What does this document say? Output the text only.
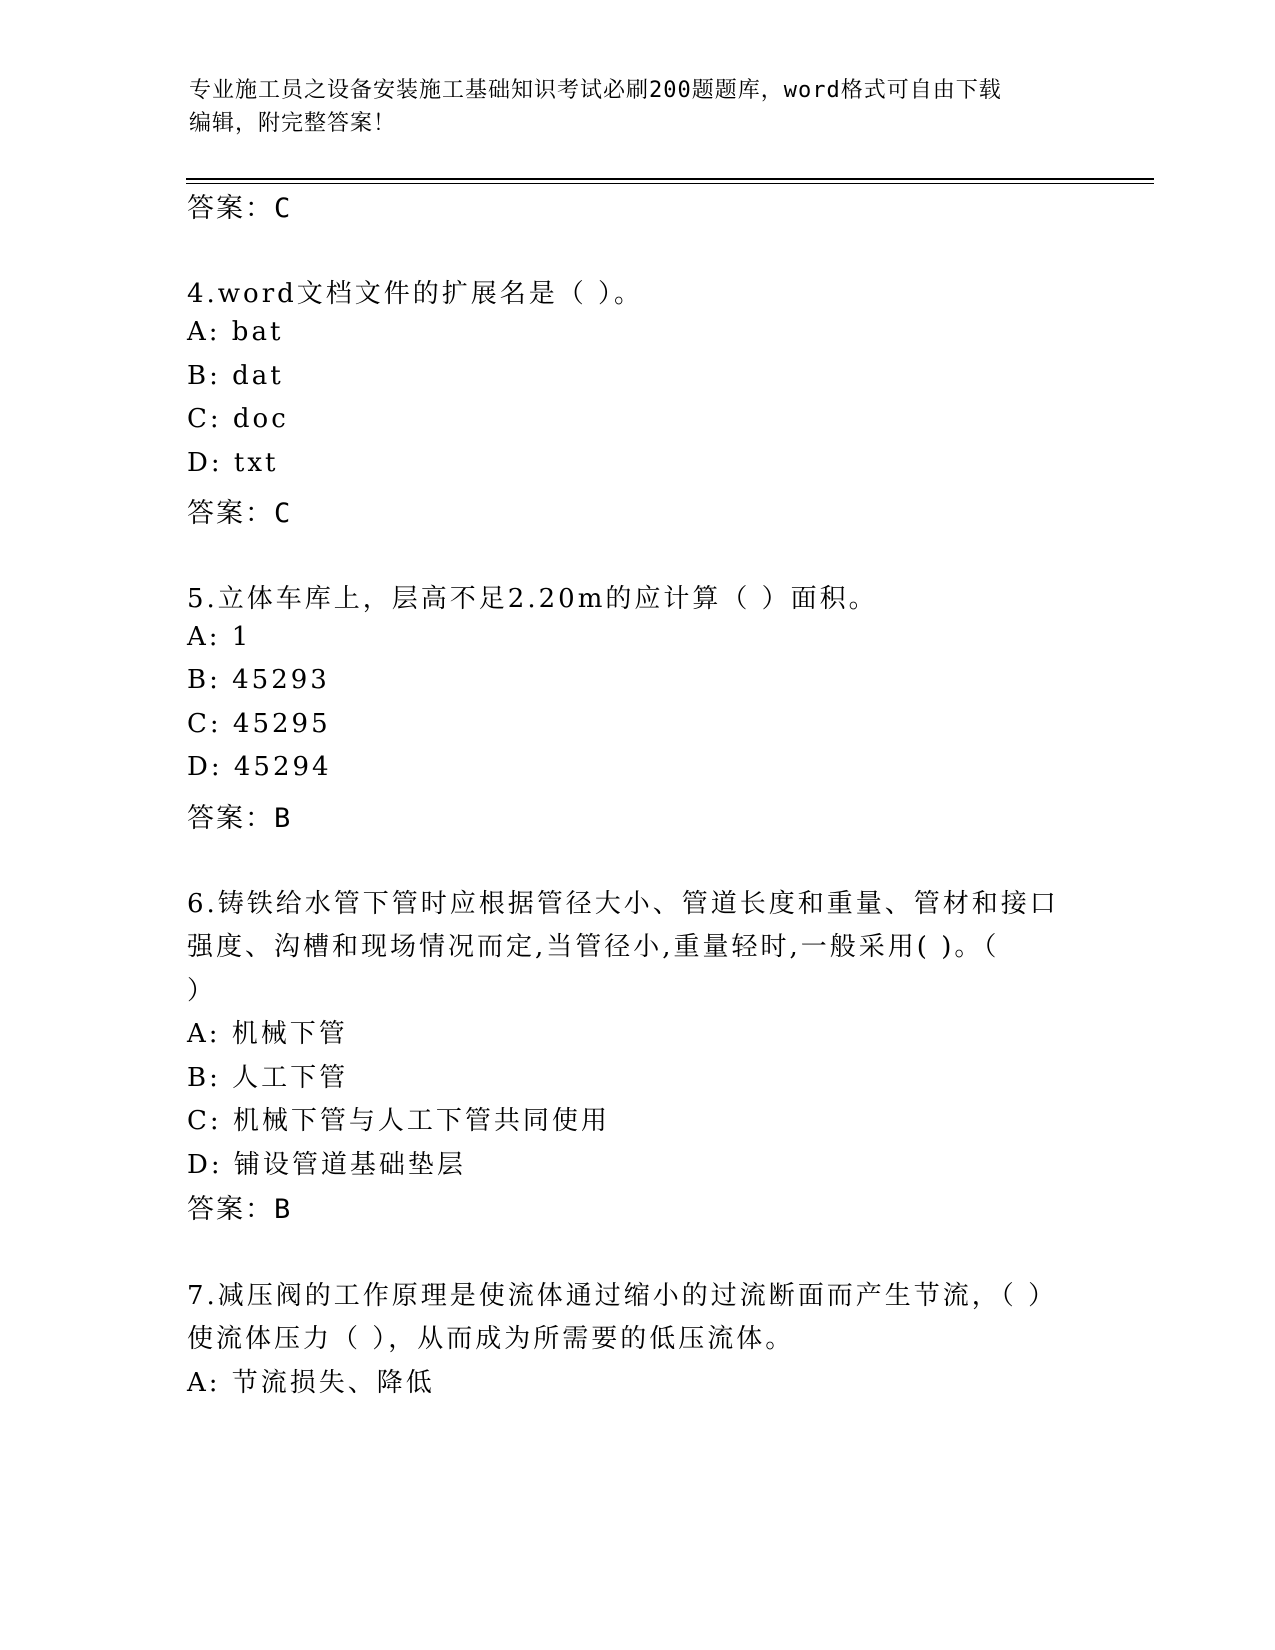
专业施工员之设备安装施工基础知识考试必刷200题题库，word格式可自由下载
编辑，附完整答案！
答案：C
4.word文档文件的扩展名是（ ）。
A: bat
B: dat
C: doc
D: txt
答案：C
5.立体车库上，层高不足2.20m的应计算（ ）面积。
A: 1
B: 45293
C: 45295
D: 45294
答案：B
6.铸铁给水管下管时应根据管径大小、管道长度和重量、管材和接口
强度、沟槽和现场情况而定,当管径小,重量轻时,一般采用( )。（
）
A: 机械下管
B: 人工下管
C: 机械下管与人工下管共同使用
D: 铺设管道基础垫层
答案：B
7.减压阀的工作原理是使流体通过缩小的过流断面而产生节流，（ ）
使流体压力（ ），从而成为所需要的低压流体。
A: 节流损失、降低
